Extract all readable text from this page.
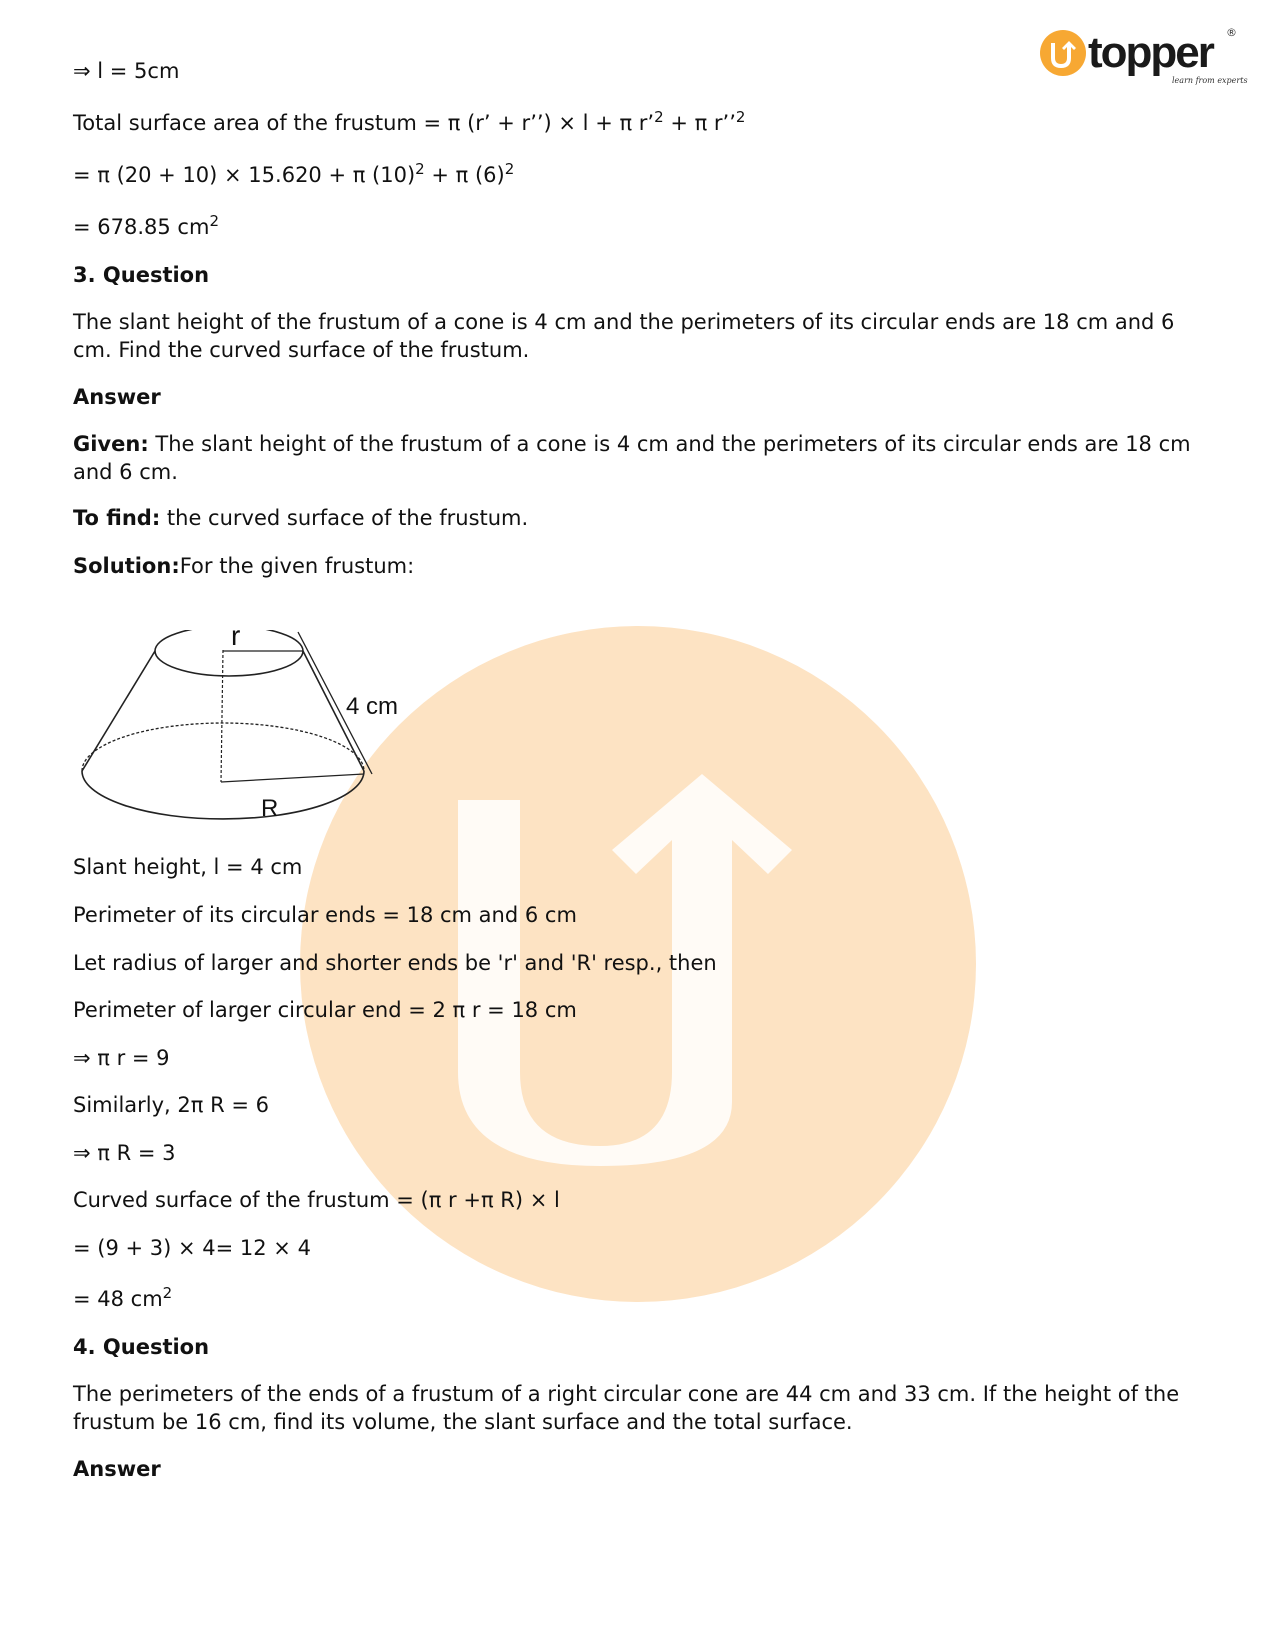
topper
learn from experts
®
r
R
4 cm
⇒ l = 5cm
Total surface area of the frustum = π (r’ + r’’) × l + π r’$^2$ + π r’’$^2$
= π (20 + 10) × 15.620 + π $(10)^2 + \pi$ $(6)^2$
= 678.85 $cm^2$
3. Question
The slant height of the frustum of a cone is 4 cm and the perimeters of its circular ends are 18 cm and 6 cm. Find the curved surface of the frustum.
Answer
Given: The slant height of the frustum of a cone is 4 cm and the perimeters of its circular ends are 18 cm and 6 cm.
To find: the curved surface of the frustum.
Solution:For the given frustum:
Slant height, l = 4 cm
Perimeter of its circular ends = 18 cm and 6 cm
Let radius of larger and shorter ends be 'r' and 'R' resp., then
Perimeter of larger circular end = 2 π r = 18 cm
⇒ π r = 9
Similarly, 2π R = 6
⇒ π R = 3
Curved surface of the frustum = (π r +π R) × l
= (9 + 3) × 4= 12 × 4
= 48 $cm^2$
4. Question
The perimeters of the ends of a frustum of a right circular cone are 44 cm and 33 cm. If the height of the frustum be 16 cm, find its volume, the slant surface and the total surface.
Answer
